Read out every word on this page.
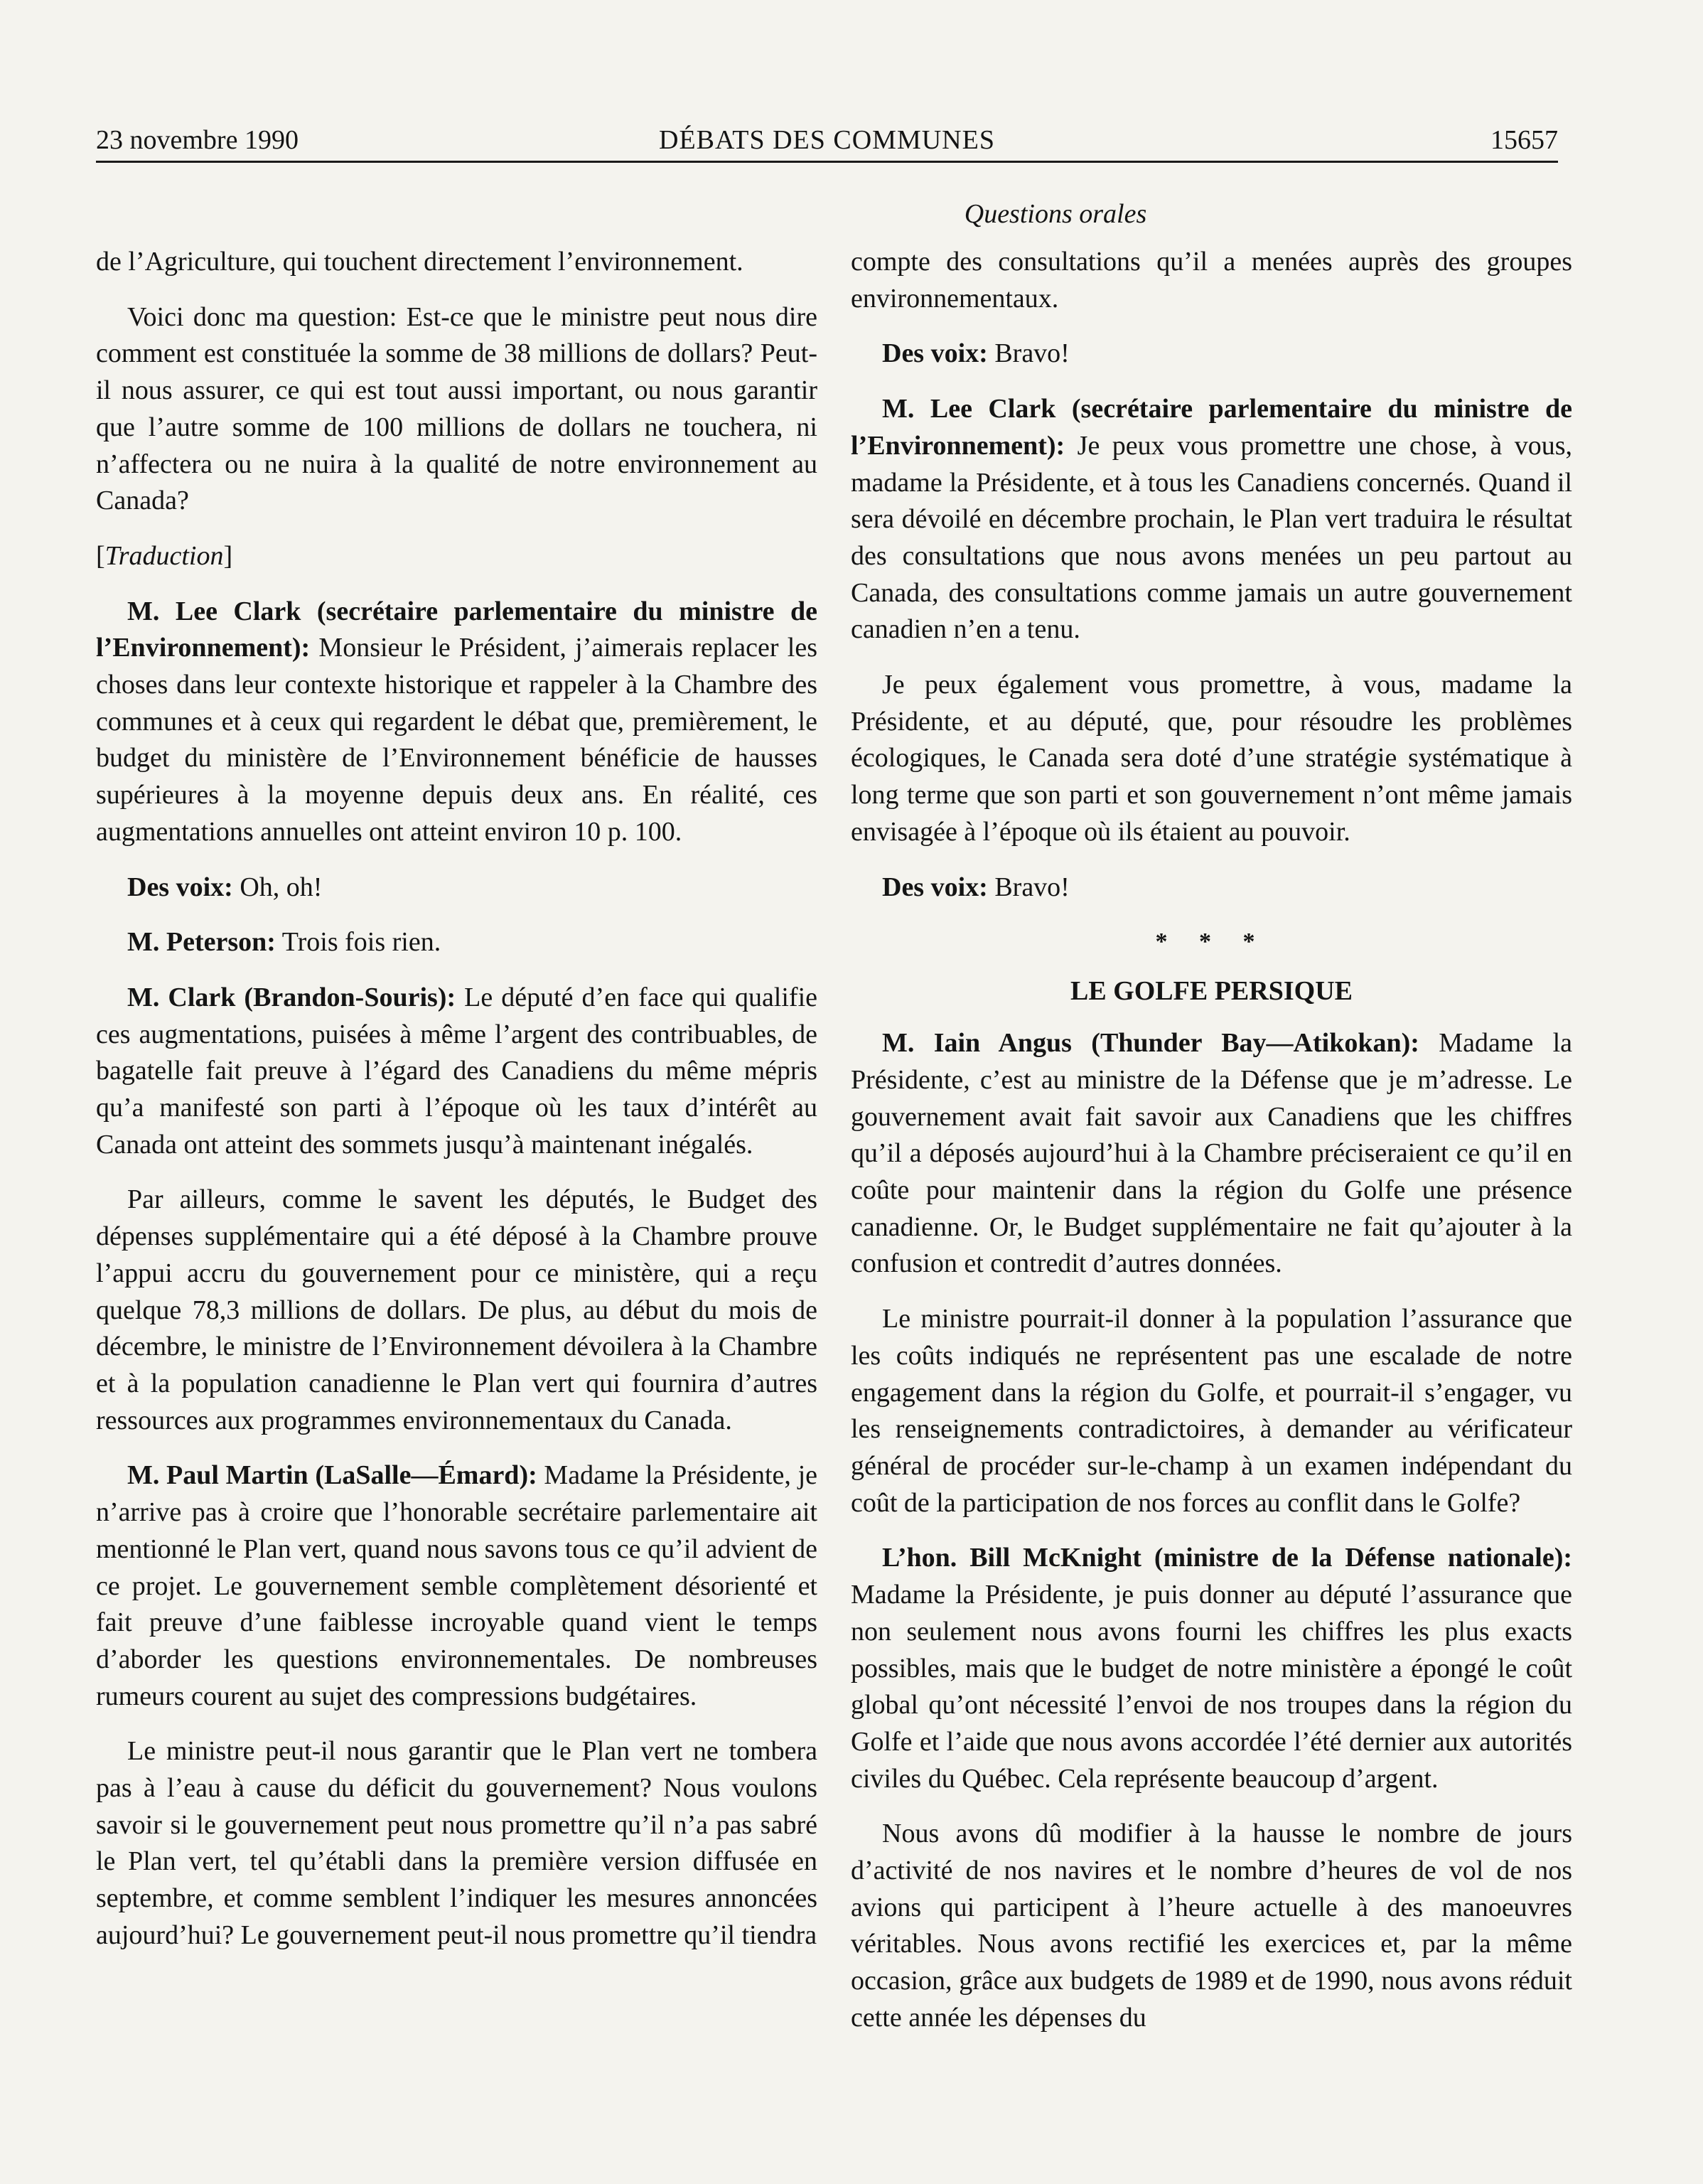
23 novembre 1990	DÉBATS DES COMMUNES	15657
Questions orales

de l’Agriculture, qui touchent directement l’environnement.

Voici donc ma question: Est-ce que le ministre peut nous dire comment est constituée la somme de 38 millions de dollars? Peut-il nous assurer, ce qui est tout aussi important, ou nous garantir que l’autre somme de 100 millions de dollars ne touchera, ni n’affectera ou ne nuira à la qualité de notre environnement au Canada?

[Traduction]

M. Lee Clark (secrétaire parlementaire du ministre de l’Environnement): Monsieur le Président, j’aimerais replacer les choses dans leur contexte historique et rappeler à la Chambre des communes et à ceux qui regardent le débat que, premièrement, le budget du ministère de l’Environnement bénéficie de hausses supérieures à la moyenne depuis deux ans. En réalité, ces augmentations annuelles ont atteint environ 10 p. 100.

Des voix: Oh, oh!

M. Peterson: Trois fois rien.

M. Clark (Brandon-Souris): Le député d’en face qui qualifie ces augmentations, puisées à même l’argent des contribuables, de bagatelle fait preuve à l’égard des Canadiens du même mépris qu’a manifesté son parti à l’époque où les taux d’intérêt au Canada ont atteint des sommets jusqu’à maintenant inégalés.

Par ailleurs, comme le savent les députés, le Budget des dépenses supplémentaire qui a été déposé à la Chambre prouve l’appui accru du gouvernement pour ce ministère, qui a reçu quelque 78,3 millions de dollars. De plus, au début du mois de décembre, le ministre de l’Environnement dévoilera à la Chambre et à la population canadienne le Plan vert qui fournira d’autres ressources aux programmes environnementaux du Canada.

M. Paul Martin (LaSalle—Émard): Madame la Présidente, je n’arrive pas à croire que l’honorable secrétaire parlementaire ait mentionné le Plan vert, quand nous savons tous ce qu’il advient de ce projet. Le gouvernement semble complètement désorienté et fait preuve d’une faiblesse incroyable quand vient le temps d’aborder les questions environnementales. De nombreuses rumeurs courent au sujet des compressions budgétaires.

Le ministre peut-il nous garantir que le Plan vert ne tombera pas à l’eau à cause du déficit du gouvernement? Nous voulons savoir si le gouvernement peut nous promettre qu’il n’a pas sabré le Plan vert, tel qu’établi dans la première version diffusée en septembre, et comme semblent l’indiquer les mesures annoncées aujourd’hui? Le gouvernement peut-il nous promettre qu’il tiendra

compte des consultations qu’il a menées auprès des groupes environnementaux.

Des voix: Bravo!

M. Lee Clark (secrétaire parlementaire du ministre de l’Environnement): Je peux vous promettre une chose, à vous, madame la Présidente, et à tous les Canadiens concernés. Quand il sera dévoilé en décembre prochain, le Plan vert traduira le résultat des consultations que nous avons menées un peu partout au Canada, des consultations comme jamais un autre gouvernement canadien n’en a tenu.

Je peux également vous promettre, à vous, madame la Présidente, et au député, que, pour résoudre les problèmes écologiques, le Canada sera doté d’une stratégie systématique à long terme que son parti et son gouvernement n’ont même jamais envisagée à l’époque où ils étaient au pouvoir.

Des voix: Bravo!

* * *
LE GOLFE PERSIQUE

M. Iain Angus (Thunder Bay—Atikokan): Madame la Présidente, c’est au ministre de la Défense que je m’adresse. Le gouvernement avait fait savoir aux Canadiens que les chiffres qu’il a déposés aujourd’hui à la Chambre préciseraient ce qu’il en coûte pour maintenir dans la région du Golfe une présence canadienne. Or, le Budget supplémentaire ne fait qu’ajouter à la confusion et contredit d’autres données.

Le ministre pourrait-il donner à la population l’assurance que les coûts indiqués ne représentent pas une escalade de notre engagement dans la région du Golfe, et pourrait-il s’engager, vu les renseignements contradictoires, à demander au vérificateur général de procéder sur-le-champ à un examen indépendant du coût de la participation de nos forces au conflit dans le Golfe?

L’hon. Bill McKnight (ministre de la Défense nationale): Madame la Présidente, je puis donner au député l’assurance que non seulement nous avons fourni les chiffres les plus exacts possibles, mais que le budget de notre ministère a épongé le coût global qu’ont nécessité l’envoi de nos troupes dans la région du Golfe et l’aide que nous avons accordée l’été dernier aux autorités civiles du Québec. Cela représente beaucoup d’argent.

Nous avons dû modifier à la hausse le nombre de jours d’activité de nos navires et le nombre d’heures de vol de nos avions qui participent à l’heure actuelle à des manoeuvres véritables. Nous avons rectifié les exercices et, par la même occasion, grâce aux budgets de 1989 et de 1990, nous avons réduit cette année les dépenses du
